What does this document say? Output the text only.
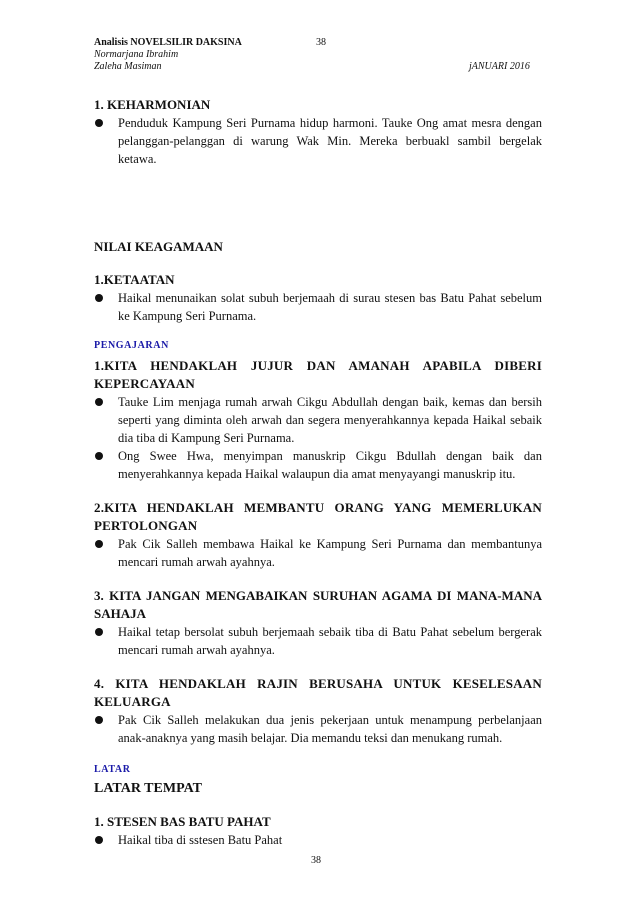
Analisis NOVELSILIR DAKSINA	38
Normarjana Ibrahim
Zaleha Masiman	jANUARI 2016
1. KEHARMONIAN
Penduduk Kampung Seri Purnama hidup harmoni. Tauke Ong amat mesra dengan pelanggan-pelanggan di warung Wak Min. Mereka berbuakl sambil bergelak ketawa.
NILAI KEAGAMAAN
1.KETAATAN
Haikal menunaikan solat subuh berjemaah di surau stesen bas Batu Pahat sebelum ke Kampung Seri Purnama.
PENGAJARAN
1.KITA HENDAKLAH JUJUR DAN AMANAH APABILA DIBERI KEPERCAYAAN
Tauke Lim menjaga rumah arwah Cikgu Abdullah dengan baik, kemas dan bersih seperti yang diminta oleh arwah dan segera menyerahkannya kepada Haikal sebaik dia tiba di Kampung Seri Purnama.
Ong Swee Hwa, menyimpan manuskrip Cikgu Bdullah dengan baik dan menyerahkannya kepada Haikal walaupun dia amat menyayangi manuskrip itu.
2.KITA HENDAKLAH MEMBANTU ORANG YANG MEMERLUKAN PERTOLONGAN
Pak Cik Salleh membawa Haikal ke Kampung Seri Purnama dan membantunya mencari rumah arwah ayahnya.
3. KITA JANGAN MENGABAIKAN SURUHAN AGAMA DI MANA-MANA SAHAJA
Haikal tetap bersolat subuh berjemaah sebaik tiba di Batu Pahat sebelum bergerak mencari rumah arwah ayahnya.
4. KITA HENDAKLAH RAJIN BERUSAHA UNTUK KESELESAAN KELUARGA
Pak Cik Salleh melakukan dua jenis pekerjaan untuk menampung perbelanjaan anak-anaknya yang masih belajar. Dia memandu teksi dan menukang rumah.
LATAR
LATAR TEMPAT
1. STESEN BAS BATU PAHAT
Haikal tiba di sstesen Batu Pahat
38
